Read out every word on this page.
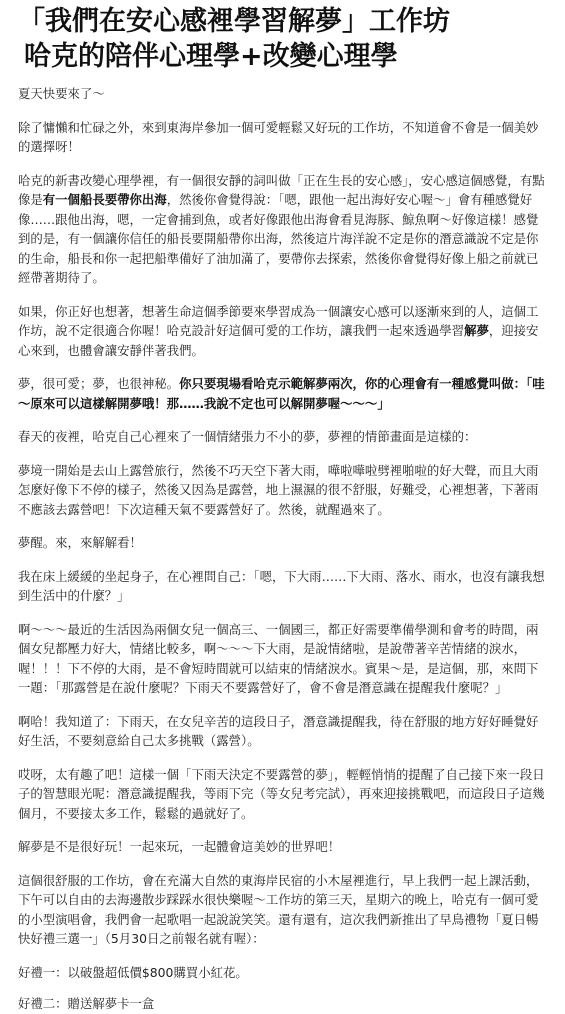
「我們在安心感裡學習解夢」工作坊
哈克的陪伴心理學+改變心理學

夏天快要來了～

除了慵懶和忙碌之外，來到東海岸參加一個可愛輕鬆又好玩的工作坊，不知道會不會是一個美妙的選擇呀！

哈克的新書改變心理學裡，有一個很安靜的詞叫做「正在生長的安心感」，安心感這個感覺，有點像是有一個船長要帶你出海，然後你會覺得說：「嗯，跟他一起出海好安心喔～」會有種感覺好像……跟他出海，嗯，一定會捕到魚，或者好像跟他出海會看見海豚、鯨魚啊～好像這樣！感覺到的是，有一個讓你信任的船長要開船帶你出海，然後這片海洋說不定是你的潛意識說不定是你的生命，船長和你一起把船準備好了油加滿了，要帶你去探索，然後你會覺得好像上船之前就已經帶著期待了。

如果，你正好也想著，想著生命這個季節要來學習成為一個讓安心感可以逐漸來到的人，這個工作坊，說不定很適合你喔！哈克設計好這個可愛的工作坊，讓我們一起來透過學習解夢，迎接安心來到，也體會讓安靜伴著我們。

夢，很可愛；夢，也很神秘。你只要現場看哈克示範解夢兩次，你的心理會有一種感覺叫做：「哇～原來可以這樣解開夢哦！那……我說不定也可以解開夢喔～～～」

春天的夜裡，哈克自己心裡來了一個情緒張力不小的夢，夢裡的情節畫面是這樣的：

夢境一開始是去山上露營旅行，然後不巧天空下著大雨，嘩啦嘩啦劈裡啪啦的好大聲，而且大雨怎麼好像下不停的樣子，然後又因為是露營，地上濕濕的很不舒服，好難受，心裡想著，下著雨不應該去露營吧！下次這種天氣不要露營好了。然後，就醒過來了。

夢醒。來，來解解看！

我在床上緩緩的坐起身子，在心裡問自己：「嗯，下大雨……下大雨、落水、雨水，也沒有讓我想到生活中的什麼？」

啊～～～最近的生活因為兩個女兒一個高三、一個國三，都正好需要準備學測和會考的時間，兩個女兒都壓力好大，情緒比較多，啊～～～下大雨，是說情緒啦，是說帶著辛苦情緒的淚水，喔！！！下不停的大雨，是不會短時間就可以結束的情緒淚水。賓果～是，是這個，那，來問下一題：「那露營是在說什麼呢？下雨天不要露營好了，會不會是潛意識在提醒我什麼呢？」

啊哈！我知道了：下雨天，在女兒辛苦的這段日子，潛意識提醒我，待在舒服的地方好好睡覺好好生活，不要刻意給自己太多挑戰（露營）。

哎呀，太有趣了吧！這樣一個「下雨天決定不要露營的夢」，輕輕悄悄的提醒了自己接下來一段日子的智慧眼光呢：潛意識提醒我，等雨下完（等女兒考完試），再來迎接挑戰吧，而這段日子這幾個月，不要接太多工作，鬆鬆的過就好了。

解夢是不是很好玩！一起來玩，一起體會這美妙的世界吧！

這個很舒服的工作坊，會在充滿大自然的東海岸民宿的小木屋裡進行，早上我們一起上課活動，下午可以自由的去海邊散步踩踩水很快樂喔～工作坊的第三天，星期六的晚上，哈克有一個可愛的小型演唱會，我們會一起歌唱一起說說笑笑。還有還有，這次我們新推出了早鳥禮物「夏日暢快好禮三選一」（5月30日之前報名就有喔）：

好禮一：以破盤超低價$800購買小紅花。

好禮二：贈送解夢卡一盒
